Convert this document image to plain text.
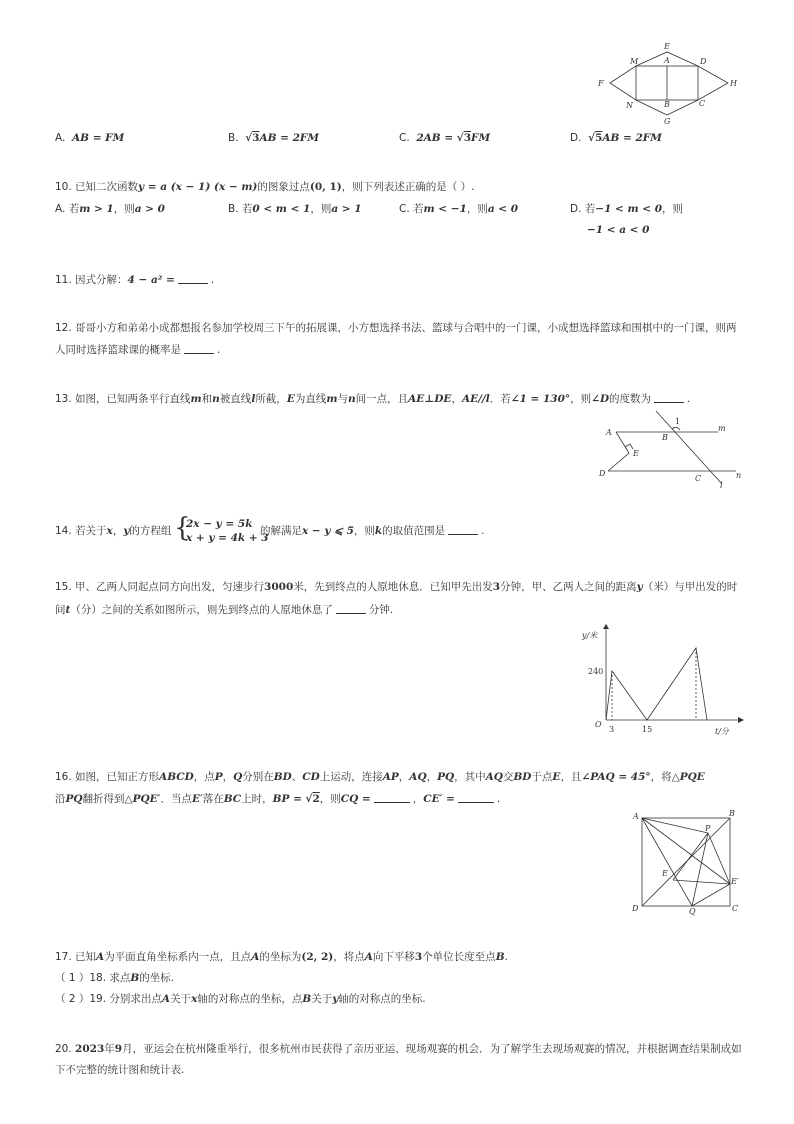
E
M	A	D
F	H
N	B	C
G
A. AB = FM	B. √3AB = 2FM	C. 2AB = √3FM	D. √5AB = 2FM
10. 已知二次函数y = a (x − 1) (x − m)的图象过点(0, 1)，则下列表述正确的是（ ）.
A. 若m > 1，则a > 0	B. 若0 < m < 1，则a > 1	C. 若m < −1，则a < 0	D. 若−1 < m < 0，则
−1 < a < 0
11. 因式分解：4 − a² =	.
12. 哥哥小方和弟弟小成都想报名参加学校周三下午的拓展课，小方想选择书法、篮球与合唱中的一门课，小成想选择篮球和围棋中的一门课，则两
人同时选择篮球课的概率是	.
13. 如图，已知两条平行直线m和n被直线l所截，E为直线m与n间一点，且AE⊥DE，AE//l．若∠1 = 130°，则∠D的度数为	.
A
B
1
m
E
D
C
l
n
14. 若关于x，y的方程组 {
2x − y = 5k
x + y = 4k + 3
的解满足x − y ⩽ 5，则k的取值范围是	.
15. 甲、乙两人同起点同方向出发，匀速步行3000米，先到终点的人原地休息．已知甲先出发3分钟，甲、乙两人之间的距离y（米）与甲出发的时
间t（分）之间的关系如图所示，则先到终点的人原地休息了	分钟.
y/米
t/分
O
240
3	15
16. 如图，已知正方形ABCD，点P，Q分别在BD、CD上运动，连接AP，AQ，PQ，其中AQ交BD于点E，且∠PAQ = 45°，将△PQE
沿PQ翻折得到△PQE′．当点E′落在BC上时，BP = √2，则CQ =	，CE′ =	.
A	B
P
E
E′
D	Q	C
17. 已知A为平面直角坐标系内一点，且点A的坐标为(2, 2)，将点A向下平移3个单位长度至点B.
（ 1 ）18. 求点B的坐标.
（ 2 ）19. 分别求出点A关于x轴的对称点的坐标，点B关于y轴的对称点的坐标.
20. 2023年9月，亚运会在杭州隆重举行，很多杭州市民获得了亲历亚运、现场观赛的机会．为了解学生去现场观赛的情况，并根据调查结果制成如
下不完整的统计图和统计表.
